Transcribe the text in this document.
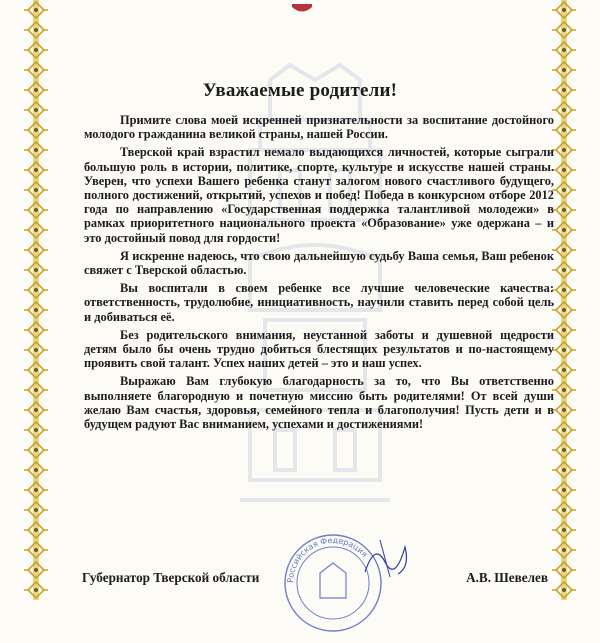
Уважаемые родители!

Примите слова моей искренней признательности за воспитание достойного молодого гражданина великой страны, нашей России.

Тверской край взрастил немало выдающихся личностей, которые сыграли большую роль в истории, политике, спорте, культуре и искусстве нашей страны. Уверен, что успехи Вашего ребенка станут залогом нового счастливого будущего, полного достижений, открытий, успехов и побед! Победа в конкурсном отборе 2012 года по направлению «Государственная поддержка талантливой молодежи» в рамках приоритетного национального проекта «Образование» уже одержана – и это достойный повод для гордости!

Я искренне надеюсь, что свою дальнейшую судьбу Ваша семья, Ваш ребенок свяжет с Тверской областью.

Вы воспитали в своем ребенке все лучшие человеческие качества: ответственность, трудолюбие, инициативность, научили ставить перед собой цель и добиваться её.

Без родительского внимания, неустанной заботы и душевной щедрости детям было бы очень трудно добиться блестящих результатов и по-настоящему проявить свой талант. Успех наших детей – это и наш успех.

Выражаю Вам глубокую благодарность за то, что Вы ответственно выполняете благородную и почетную миссию быть родителями! От всей души желаю Вам счастья, здоровья, семейного тепла и благополучия! Пусть дети и в будущем радуют Вас вниманием, успехами и достижениями!

Российская Федерация
Губернатор Тверской области	А.В. Шевелев
